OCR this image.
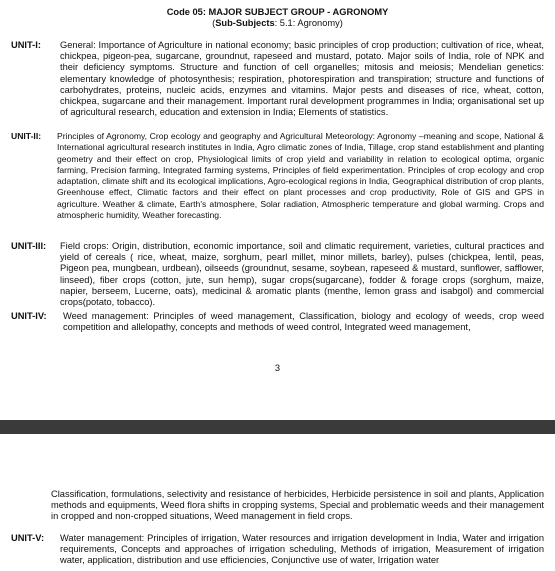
Code 05: MAJOR SUBJECT GROUP - AGRONOMY
(Sub-Subjects: 5.1: Agronomy)
UNIT-I:	General: Importance of Agriculture in national economy; basic principles of crop production; cultivation of rice, wheat, chickpea, pigeon-pea, sugarcane, groundnut, rapeseed and mustard, potato. Major soils of India, role of NPK and their deficiency symptoms. Structure and function of cell organelles; mitosis and meiosis; Mendelian genetics: elementary knowledge of photosynthesis; respiration, photorespiration and transpiration; structure and functions of carbohydrates, proteins, nucleic acids, enzymes and vitamins. Major pests and diseases of rice, wheat, cotton, chickpea, sugarcane and their management. Important rural development programmes in India; organisational set up of agricultural research, education and extension in India; Elements of statistics.
UNIT-II:	Principles of Agronomy, Crop ecology and geography and Agricultural Meteorology: Agronomy –meaning and scope, National & International agricultural research institutes in India, Agro climatic zones of India, Tillage, crop stand establishment and planting geometry and their effect on crop, Physiological limits of crop yield and variability in relation to ecological optima, organic farming, Precision farming, Integrated farming systems, Principles of field experimentation. Principles of crop ecology and crop adaptation, climate shift and its ecological implications, Agro-ecological regions in India, Geographical distribution of crop plants, Greenhouse effect, Climatic factors and their effect on plant processes and crop productivity, Role of GIS and GPS in agriculture. Weather & climate, Earth's atmosphere, Solar radiation, Atmospheric temperature and global warming. Crops and atmospheric humidity, Weather forecasting.
UNIT-III:	Field crops: Origin, distribution, economic importance, soil and climatic requirement, varieties, cultural practices and yield of cereals ( rice, wheat, maize, sorghum, pearl millet, minor millets, barley), pulses (chickpea, lentil, peas, Pigeon pea, mungbean, urdbean), oilseeds (groundnut, sesame, soybean, rapeseed & mustard, sunflower, safflower, linseed), fiber crops (cotton, jute, sun hemp), sugar crops(sugarcane), fodder & forage crops (sorghum, maize, napier, berseem, Lucerne, oats), medicinal & aromatic plants (menthe, lemon grass and isabgol) and commercial crops(potato, tobacco).
UNIT-IV:	Weed management: Principles of weed management, Classification, biology and ecology of weeds, crop weed competition and allelopathy, concepts and methods of weed control, Integrated weed management,
3
Classification, formulations, selectivity and resistance of herbicides, Herbicide persistence in soil and plants, Application methods and equipments, Weed flora shifts in cropping systems, Special and problematic weeds and their management in cropped and non-cropped situations, Weed management in field crops.
UNIT-V:	Water management: Principles of irrigation, Water resources and irrigation development in India, Water and irrigation requirements, Concepts and approaches of irrigation scheduling, Methods of irrigation, Measurement of irrigation water, application, distribution and use efficiencies, Conjunctive use of water, Irrigation water
